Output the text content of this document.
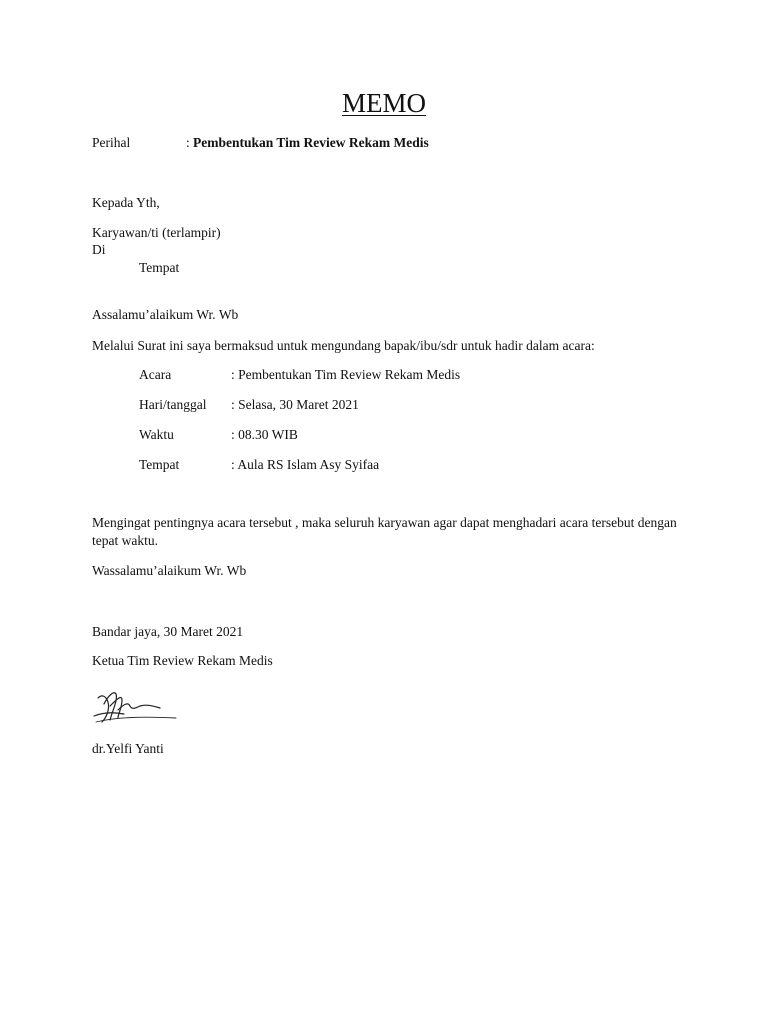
MEMO
Perihal	: Pembentukan Tim Review Rekam Medis
Kepada Yth,
Karyawan/ti (terlampir)
Di
Tempat
Assalamu’alaikum Wr. Wb
Melalui Surat ini saya bermaksud untuk mengundang bapak/ibu/sdr untuk hadir dalam acara:
Acara	: Pembentukan Tim Review Rekam Medis
Hari/tanggal : Selasa, 30 Maret 2021
Waktu	: 08.30 WIB
Tempat	: Aula RS Islam Asy Syifaa
Mengingat pentingnya acara tersebut , maka seluruh karyawan agar dapat menghadari acara tersebut dengan tepat waktu.
Wassalamu’alaikum Wr. Wb
Bandar jaya, 30 Maret 2021
Ketua Tim Review Rekam Medis
dr.Yelfi Yanti
